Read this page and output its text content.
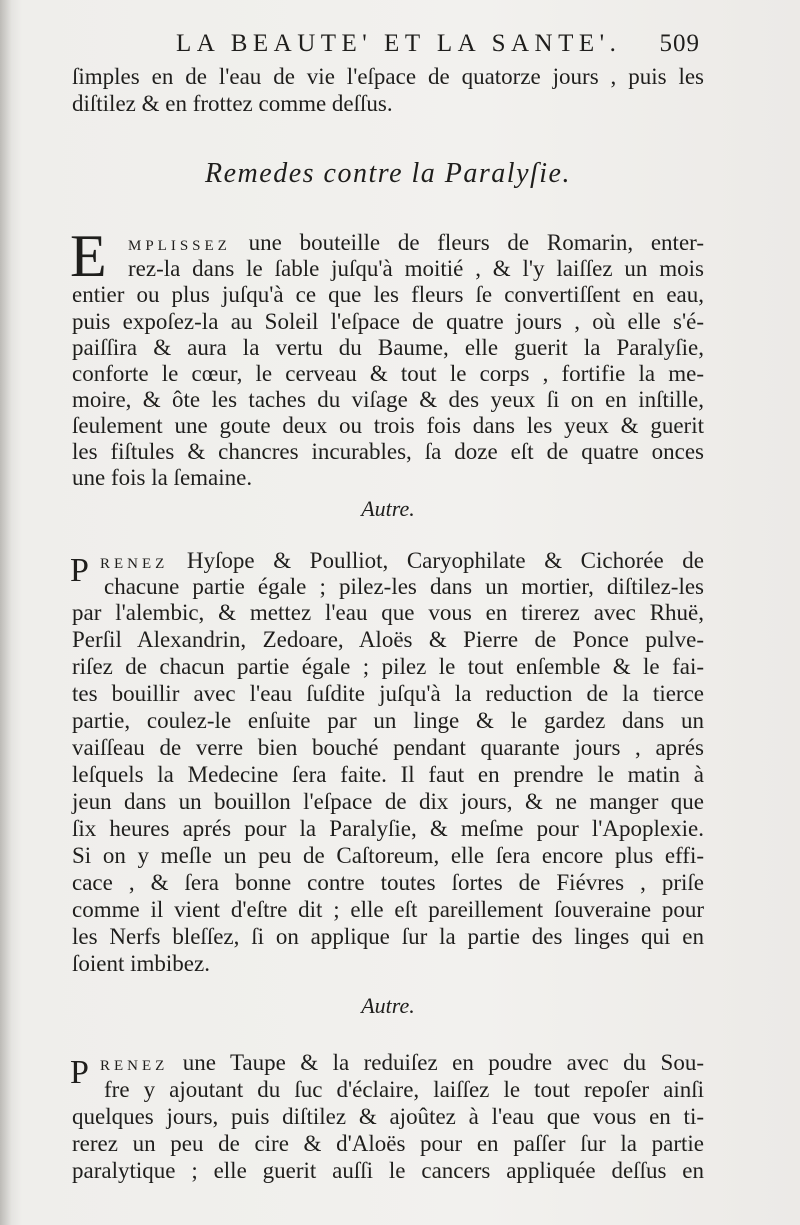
LA BEAUTE' ET LA SANTE'. 509
ſimples en de l'eau de vie l'eſpace de quatorze jours , puis les
diſtilez & en frottez comme deſſus.
Remedes contre la Paralyſie.
E MPLISSEZ une bouteille de fleurs de Romarin, enter-
rez-la dans le ſable juſqu'à moitié , & l'y laiſſez un mois
entier ou plus juſqu'à ce que les fleurs ſe convertiſſent en eau,
puis expoſez-la au Soleil l'eſpace de quatre jours , où elle s'é-
paiſſira & aura la vertu du Baume, elle guerit la Paralyſie,
conforte le cœur, le cerveau & tout le corps , fortifie la me-
moire, & ôte les taches du viſage & des yeux ſi on en inſtille,
ſeulement une goute deux ou trois fois dans les yeux & guerit
les fiſtules & chancres incurables, ſa doze eſt de quatre onces
une fois la ſemaine.
Autre.
P RENEZ Hyſope & Poulliot, Caryophilate & Cichorée de
chacune partie égale ; pilez-les dans un mortier, diſtilez-les
par l'alembic, & mettez l'eau que vous en tirerez avec Rhuë,
Perſil Alexandrin, Zedoare, Aloës & Pierre de Ponce pulve-
riſez de chacun partie égale ; pilez le tout enſemble & le fai-
tes bouillir avec l'eau ſuſdite juſqu'à la reduction de la tierce
partie, coulez-le enſuite par un linge & le gardez dans un
vaiſſeau de verre bien bouché pendant quarante jours , aprés
leſquels la Medecine ſera faite. Il faut en prendre le matin à
jeun dans un bouillon l'eſpace de dix jours, & ne manger que
ſix heures aprés pour la Paralyſie, & meſme pour l'Apoplexie.
Si on y meſle un peu de Caſtoreum, elle ſera encore plus effi-
cace , & ſera bonne contre toutes ſortes de Fiévres , priſe
comme il vient d'eſtre dit ; elle eſt pareillement ſouveraine pour
les Nerfs bleſſez, ſi on applique ſur la partie des linges qui en
ſoient imbibez.
Autre.
P RENEZ une Taupe & la reduiſez en poudre avec du Sou-
fre y ajoutant du ſuc d'éclaire, laiſſez le tout repoſer ainſi
quelques jours, puis diſtilez & ajoûtez à l'eau que vous en ti-
rerez un peu de cire & d'Aloës pour en paſſer ſur la partie
paralytique ; elle guerit auſſi le cancers appliquée deſſus en
